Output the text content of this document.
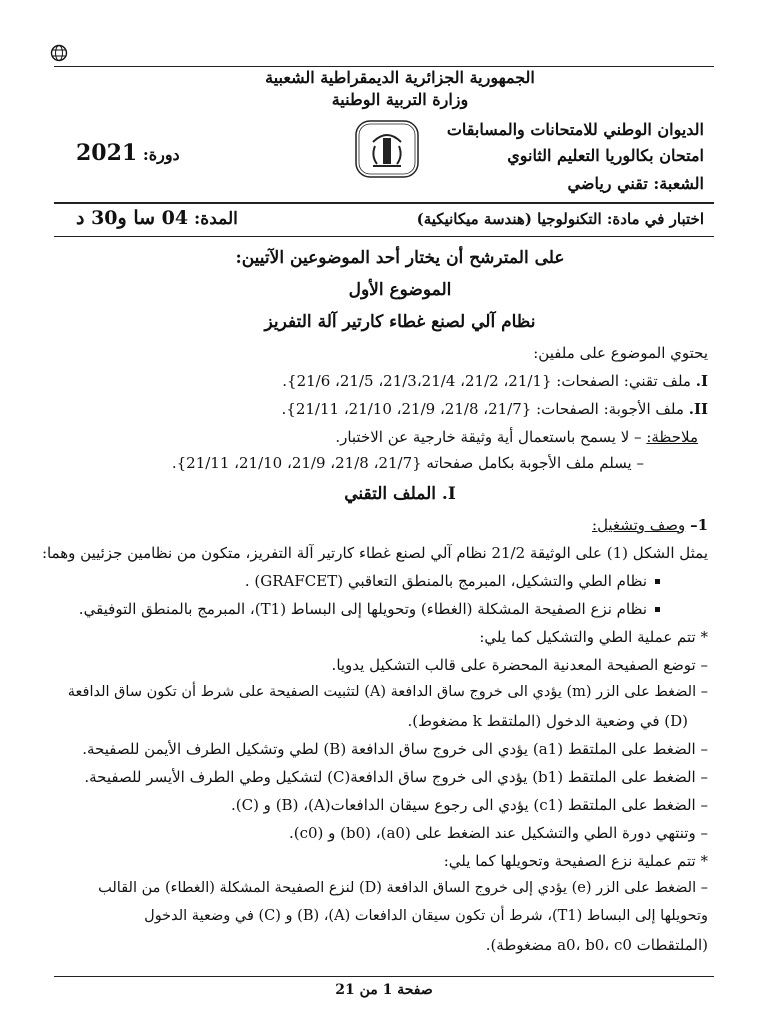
الجمهورية الجزائرية الديمقراطية الشعبية
وزارة التربية الوطنية
الديوان الوطني للامتحانات والمسابقات
امتحان بكالوريا التعليم الثانوي
الشعبة: تقني رياضي
دورة: 2021
اختبار في مادة: التكنولوجيا (هندسة ميكانيكية)
المدة: 04 سا و30 د
على المترشح أن يختار أحد الموضوعين الآتيين:
الموضوع الأول
نظام آلي لصنع غطاء كارتير آلة التفريز
يحتوي الموضوع على ملفين:
I. ملف تقني: الصفحات: {21/1، 21/2، 21/3،21/4، 21/5، 21/6}.
II. ملف الأجوبة: الصفحات: {21/7، 21/8، 21/9، 21/10، 21/11}.
ملاحظة: – لا يسمح باستعمال أية وثيقة خارجية عن الاختبار.
– يسلم ملف الأجوبة بكامل صفحاته {21/7، 21/8، 21/9، 21/10، 21/11}.
I. الملف التقني
1– وصف وتشغيل:
يمثل الشكل (1) على الوثيقة 21/2 نظام آلي لصنع غطاء كارتير آلة التفريز، متكون من نظامين جزئيين وهما:
نظام الطي والتشكيل، المبرمج بالمنطق التعاقبي (GRAFCET) .
نظام نزع الصفيحة المشكلة (الغطاء) وتحويلها إلى البساط (T1)، المبرمج بالمنطق التوفيقي.
* تتم عملية الطي والتشكيل كما يلي:
– توضع الصفيحة المعدنية المحضرة على قالب التشكيل يدويا.
– الضغط على الزر (m) يؤدي الى خروج ساق الدافعة (A) لتثبيت الصفيحة على شرط أن تكون ساق الدافعة
(D) في وضعية الدخول (الملتقط k مضغوط).
– الضغط على الملتقط (a1) يؤدي الى خروج ساق الدافعة (B) لطي وتشكيل الطرف الأيمن للصفيحة.
– الضغط على الملتقط (b1) يؤدي الى خروج ساق الدافعة(C) لتشكيل وطي الطرف الأيسر للصفيحة.
– الضغط على الملتقط (c1) يؤدي الى رجوع سيقان الدافعات(A)، (B) و (C).
– وتنتهي دورة الطي والتشكيل عند الضغط على (a0)، (b0) و (c0).
* تتم عملية نزع الصفيحة وتحويلها كما يلي:
– الضغط على الزر (e) يؤدي إلى خروج الساق الدافعة (D) لنزع الصفيحة المشكلة (الغطاء) من القالب
وتحويلها إلى البساط (T1)، شرط أن تكون سيقان الدافعات (A)، (B) و (C) في وضعية الدخول
(الملتقطات a0، b0، c0 مضغوطة).
صفحة 1 من 21
